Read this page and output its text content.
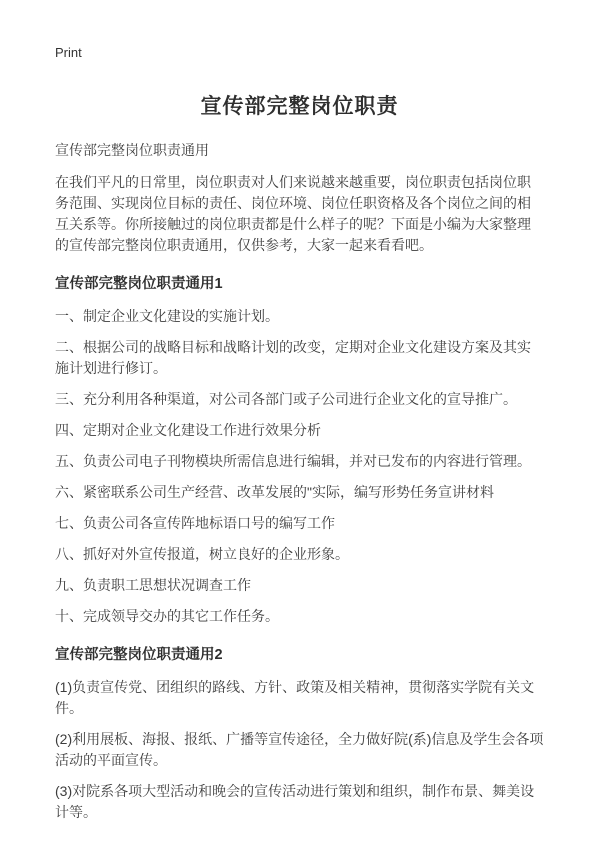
Print
宣传部完整岗位职责

宣传部完整岗位职责通用

在我们平凡的日常里，岗位职责对人们来说越来越重要，岗位职责包括岗位职务范围、实现岗位目标的责任、岗位环境、岗位任职资格及各个岗位之间的相互关系等。你所接触过的岗位职责都是什么样子的呢？下面是小编为大家整理的宣传部完整岗位职责通用，仅供参考，大家一起来看看吧。

宣传部完整岗位职责通用1

一、制定企业文化建设的实施计划。

二、根据公司的战略目标和战略计划的改变，定期对企业文化建设方案及其实施计划进行修订。

三、充分利用各种渠道，对公司各部门或子公司进行企业文化的宣导推广。

四、定期对企业文化建设工作进行效果分析

五、负责公司电子刊物模块所需信息进行编辑，并对已发布的内容进行管理。

六、紧密联系公司生产经营、改革发展的"实际，编写形势任务宣讲材料

七、负责公司各宣传阵地标语口号的编写工作

八、抓好对外宣传报道，树立良好的企业形象。

九、负责职工思想状况调查工作

十、完成领导交办的其它工作任务。

宣传部完整岗位职责通用2

(1)负责宣传党、团组织的路线、方针、政策及相关精神，贯彻落实学院有关文件。

(2)利用展板、海报、报纸、广播等宣传途径，全力做好院(系)信息及学生会各项活动的平面宣传。

(3)对院系各项大型活动和晚会的宣传活动进行策划和组织，制作布景、舞美设计等。
